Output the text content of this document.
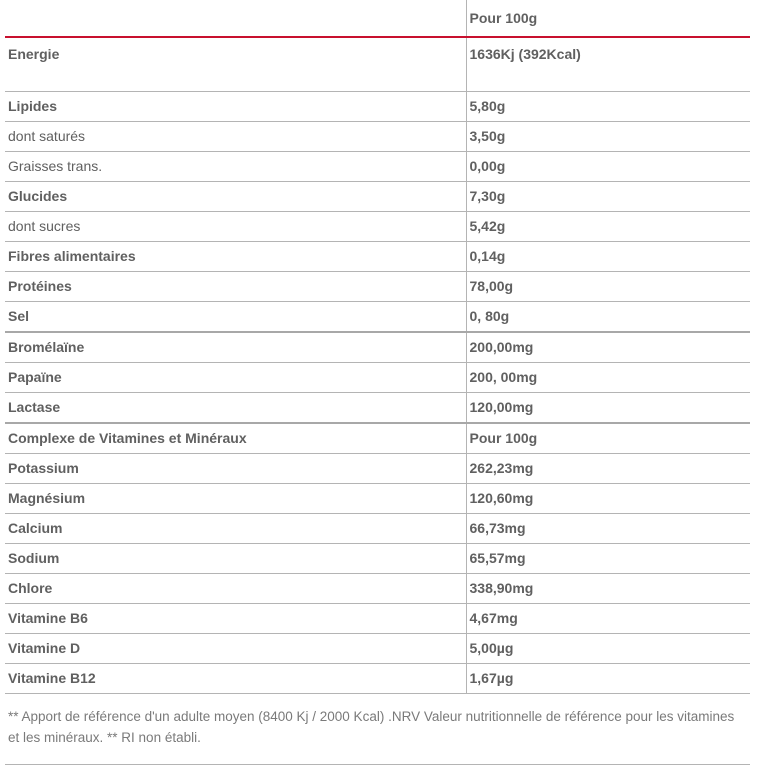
	Pour 100g
Energie	1636Kj (392Kcal)
Lipides	5,80g
dont saturés	3,50g
Graisses trans.	0,00g
Glucides	7,30g
dont sucres	5,42g
Fibres alimentaires	0,14g
Protéines	78,00g
Sel	0, 80g
Bromélaïne	200,00mg
Papaïne	200, 00mg
Lactase	120,00mg
Complexe de Vitamines et Minéraux	Pour 100g
Potassium	262,23mg
Magnésium	120,60mg
Calcium	66,73mg
Sodium	65,57mg
Chlore	338,90mg
Vitamine B6	4,67mg
Vitamine D	5,00µg
Vitamine B12	1,67µg
** Apport de référence d'un adulte moyen (8400 Kj / 2000 Kcal) .NRV Valeur nutritionnelle de référence pour les vitamines et les minéraux. ** RI non établi.
